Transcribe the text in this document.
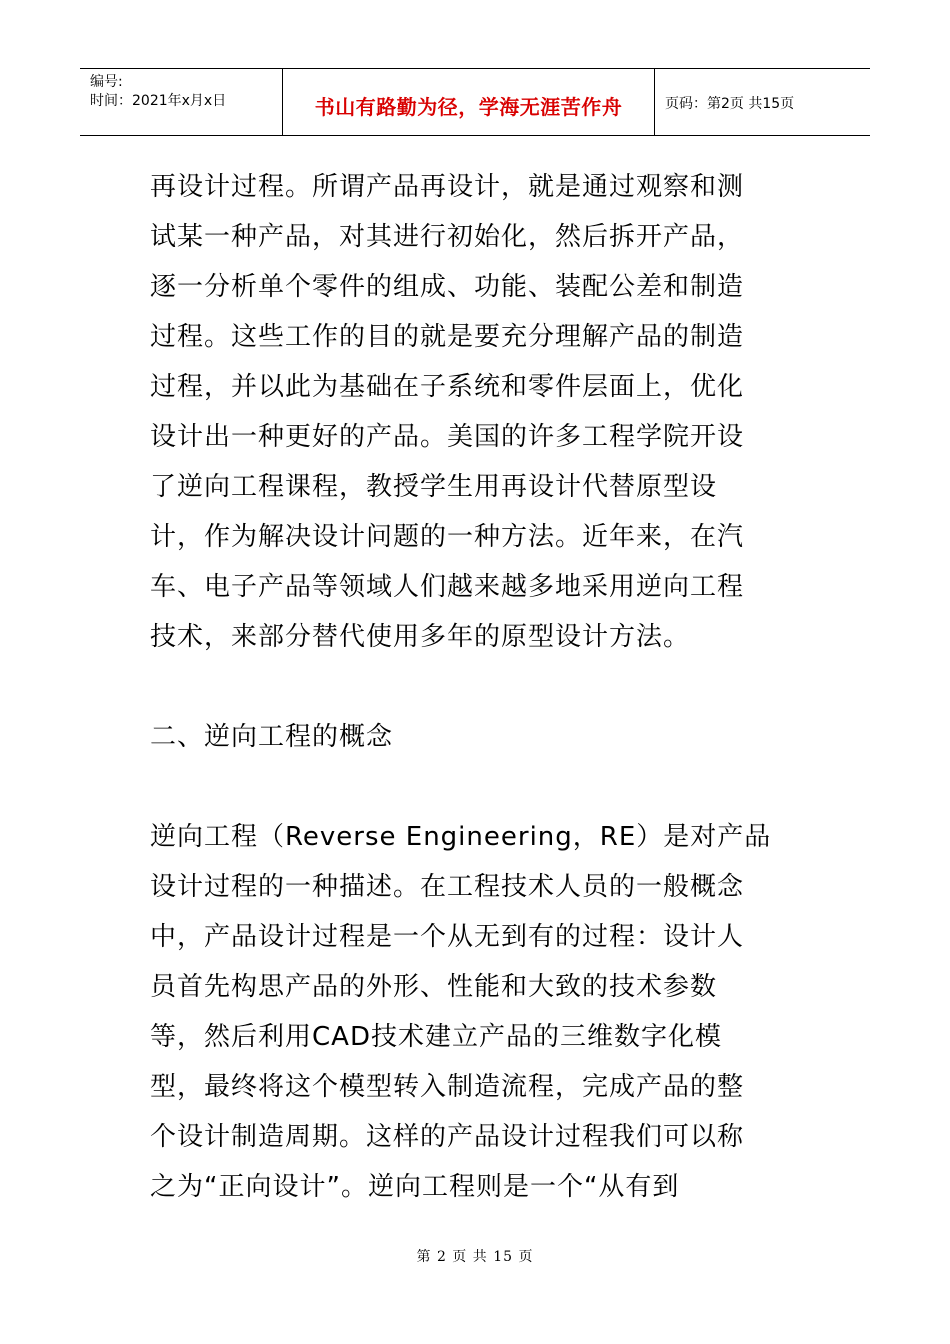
编号:
时间：2021年x月x日	书山有路勤为径，学海无涯苦作舟	页码：第2页 共15页
再设计过程。所谓产品再设计，就是通过观察和测
试某一种产品，对其进行初始化，然后拆开产品，
逐一分析单个零件的组成、功能、装配公差和制造
过程。这些工作的目的就是要充分理解产品的制造
过程，并以此为基础在子系统和零件层面上，优化
设计出一种更好的产品。美国的许多工程学院开设
了逆向工程课程，教授学生用再设计代替原型设
计，作为解决设计问题的一种方法。近年来，在汽
车、电子产品等领域人们越来越多地采用逆向工程
技术，来部分替代使用多年的原型设计方法。
二、逆向工程的概念
逆向工程（Reverse Engineering，RE）是对产品
设计过程的一种描述。在工程技术人员的一般概念
中，产品设计过程是一个从无到有的过程：设计人
员首先构思产品的外形、性能和大致的技术参数
等，然后利用CAD技术建立产品的三维数字化模
型，最终将这个模型转入制造流程，完成产品的整
个设计制造周期。这样的产品设计过程我们可以称
之为“正向设计”。逆向工程则是一个“从有到
第 2 页 共 15 页
